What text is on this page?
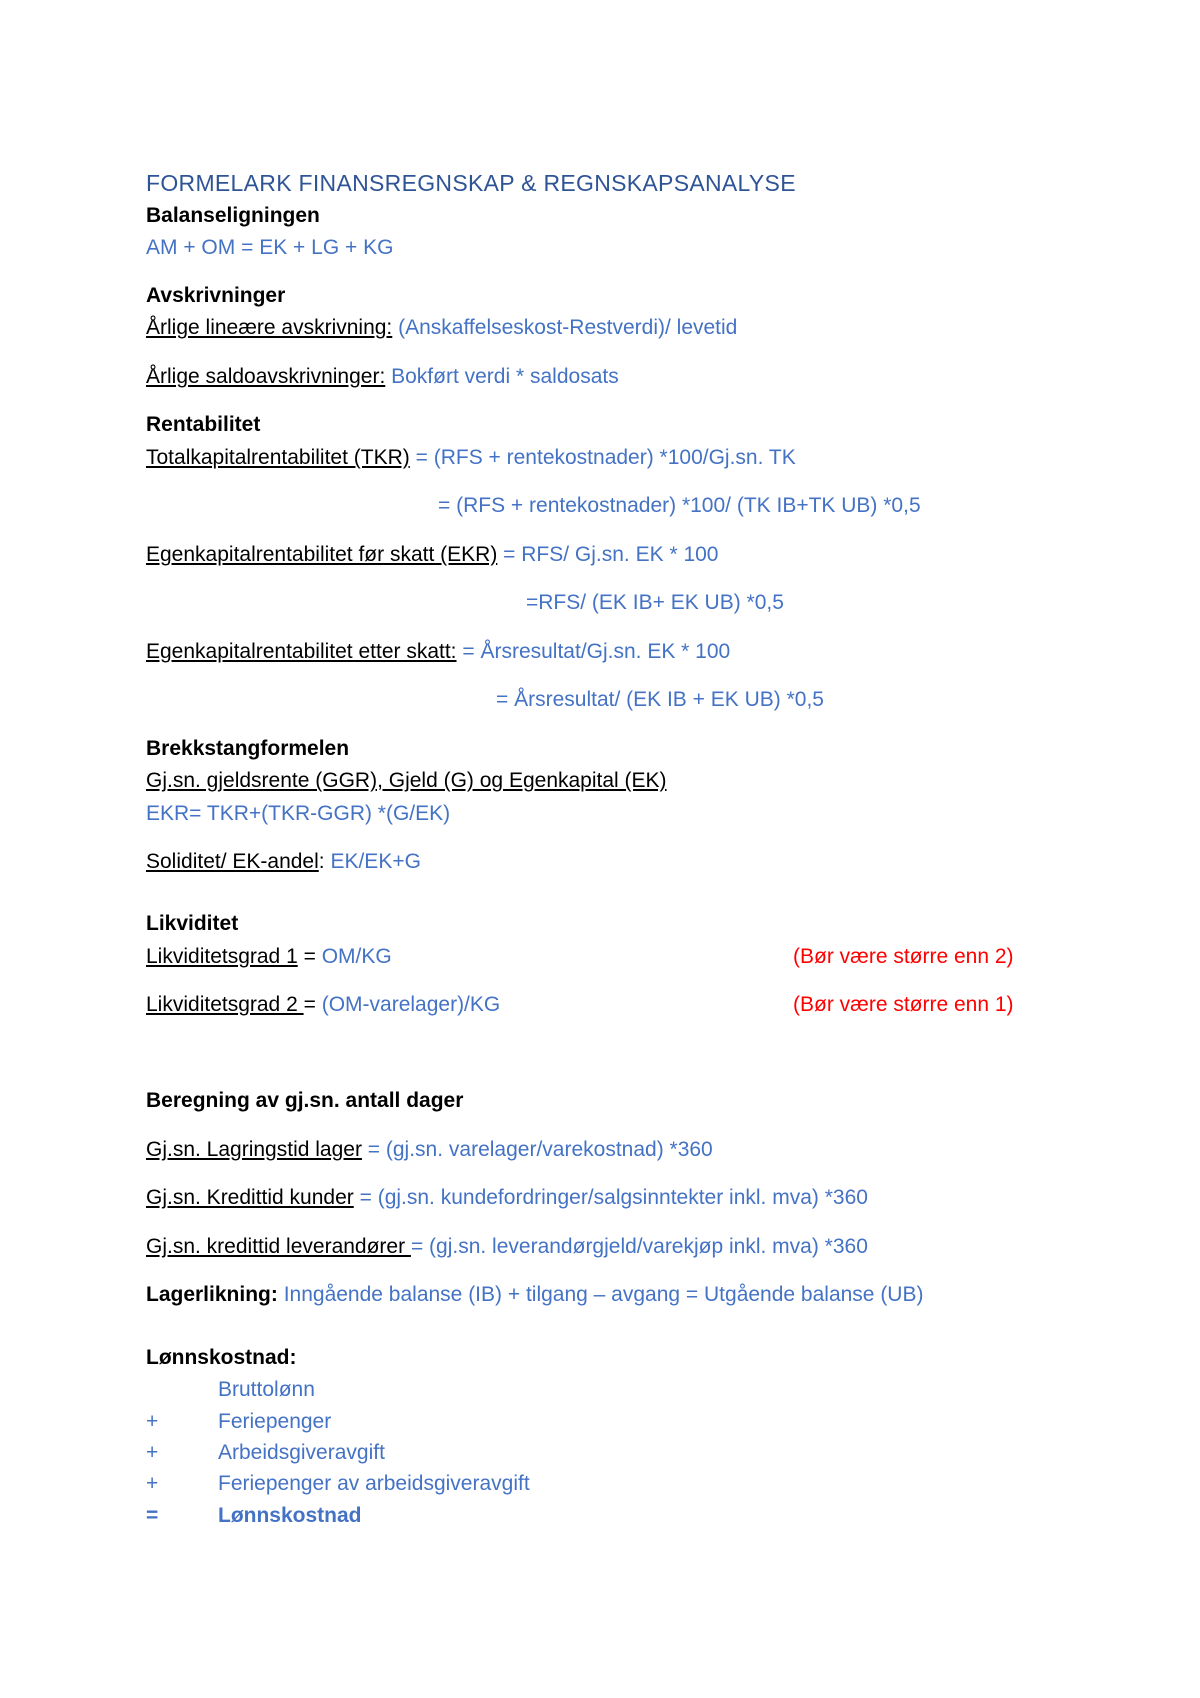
FORMELARK FINANSREGNSKAP & REGNSKAPSANALYSE
Balanseligningen
AM + OM = EK + LG + KG
Avskrivninger
Årlige lineære avskrivning: (Anskaffelseskost-Restverdi)/ levetid
Årlige saldoavskrivninger: Bokført verdi * saldosats
Rentabilitet
Totalkapitalrentabilitet (TKR) = (RFS + rentekostnader) *100/Gj.sn. TK
= (RFS + rentekostnader) *100/ (TK IB+TK UB) *0,5
Egenkapitalrentabilitet før skatt (EKR) = RFS/ Gj.sn. EK * 100
=RFS/ (EK IB+ EK UB) *0,5
Egenkapitalrentabilitet etter skatt: = Årsresultat/Gj.sn. EK * 100
= Årsresultat/ (EK IB + EK UB) *0,5
Brekkstangformelen
Gj.sn. gjeldsrente (GGR), Gjeld (G) og Egenkapital (EK)
EKR= TKR+(TKR-GGR) *(G/EK)
Soliditet/ EK-andel: EK/EK+G
Likviditet
Likviditetsgrad 1 = OM/KG	(Bør være større enn 2)
Likviditetsgrad 2 = (OM-varelager)/KG	(Bør være større enn 1)
Beregning av gj.sn. antall dager
Gj.sn. Lagringstid lager = (gj.sn. varelager/varekostnad) *360
Gj.sn. Kredittid kunder = (gj.sn. kundefordringer/salgsinntekter inkl. mva) *360
Gj.sn. kredittid leverandører = (gj.sn. leverandørgjeld/varekjøp inkl. mva) *360
Lagerlikning: Inngående balanse (IB) + tilgang – avgang = Utgående balanse (UB)
Lønnskostnad:
Bruttolønn
+	Feriepenger
+	Arbeidsgiveravgift
+	Feriepenger av arbeidsgiveravgift
=	Lønnskostnad
